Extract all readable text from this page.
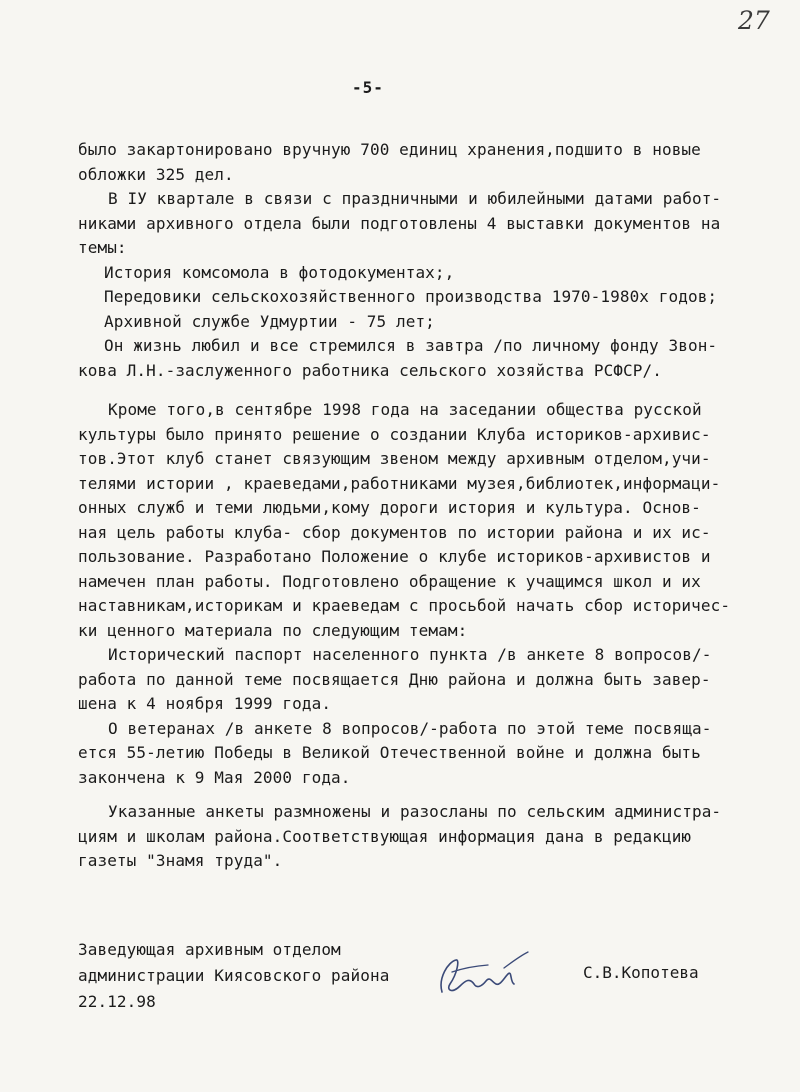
27
-5-
было закартонировано вручную 700 единиц хранения,подшито в новые
обложки 325 дел.
В IУ квартале в связи с праздничными и юбилейными датами работ-
никами архивного отдела были подготовлены 4 выставки документов на
темы:
История комсомола в фотодокументах;,
Передовики сельскохозяйственного производства 1970-1980х годов;
Архивной службе Удмуртии - 75 лет;
Он жизнь любил и все стремился в завтра /по личному фонду Звон-
кова Л.Н.-заслуженного работника сельского хозяйства РСФСР/.
Кроме того,в сентябре 1998 года на заседании общества русской
культуры было принято решение о создании Клуба историков-архивис-
тов.Этот клуб станет связующим звеном между архивным отделом,учи-
телями истории , краеведами,работниками музея,библиотек,информаци-
онных служб и теми людьми,кому дороги история и культура. Основ-
ная цель работы клуба- сбор документов по истории района и их ис-
пользование. Разработано Положение о клубе историков-архивистов и
намечен план работы. Подготовлено обращение к учащимся школ и их
наставникам,историкам и краеведам с просьбой начать сбор историчес-
ки ценного материала по следующим темам:
Исторический паспорт населенного пункта /в анкете 8 вопросов/-
работа по данной теме посвящается Дню района и должна быть завер-
шена к 4 ноября 1999 года.
О ветеранах /в анкете 8 вопросов/-работа по этой теме посвяща-
ется 55-летию Победы в Великой Отечественной войне и должна быть
закончена к 9 Мая 2000 года.
Указанные анкеты размножены и разосланы по сельским администра-
циям и школам района.Соответствующая информация дана в редакцию
газеты "Знамя труда".
Заведующая архивным отделом
администрации Киясовского района
22.12.98
С.В.Копотева
